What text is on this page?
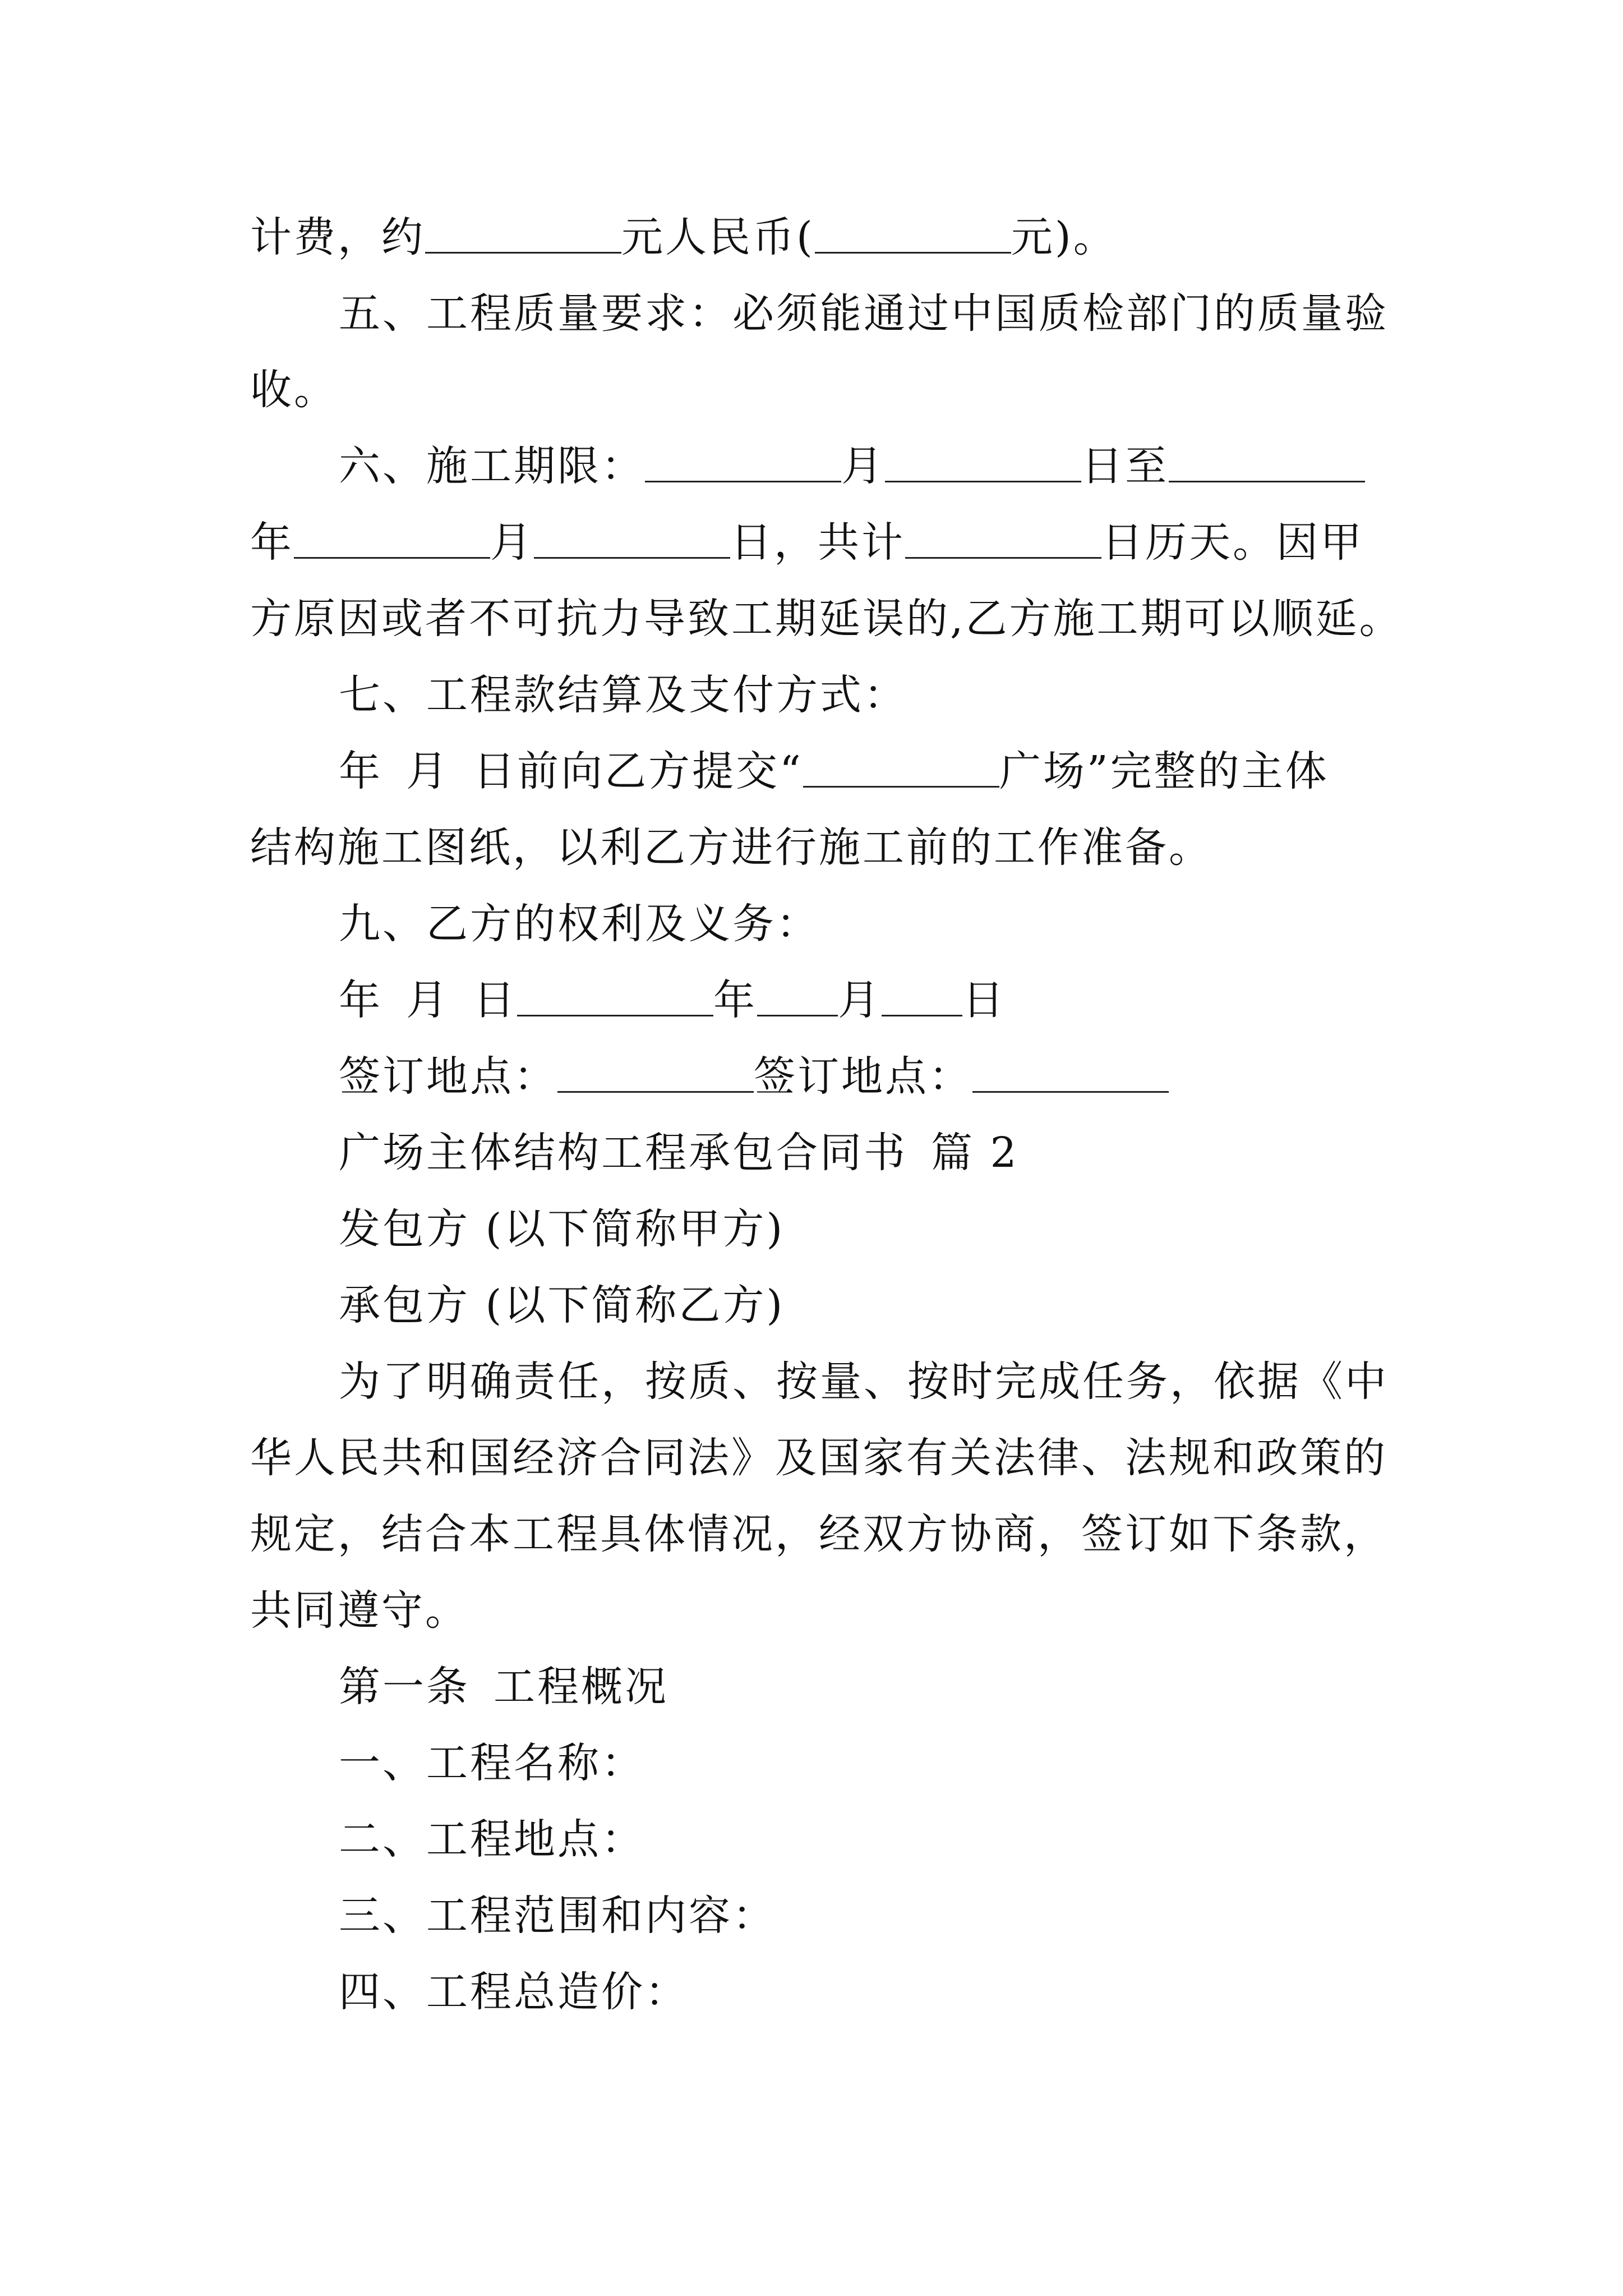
计费，约	元人民币(	元)。
五、工程质量要求：必须能通过中国质检部门的质量验
收。
六、施工期限：	月	日至
年	月	日，共计	日历天。因甲
方原因或者不可抗力导致工期延误的,乙方施工期可以顺延。
七、工程款结算及支付方式：
年 月 日前向乙方提交“	广场”完整的主体
结构施工图纸，以利乙方进行施工前的工作准备。
九、乙方的权利及义务：
年 月 日	年 月 日
签订地点：	签订地点：
广场主体结构工程承包合同书 篇 2
发包方 (以下简称甲方)
承包方 (以下简称乙方)
为了明确责任，按质、按量、按时完成任务，依据《中
华人民共和国经济合同法》及国家有关法律、法规和政策的
规定，结合本工程具体情况，经双方协商，签订如下条款，
共同遵守。
第一条 工程概况
一、工程名称：
二、工程地点：
三、工程范围和内容：
四、工程总造价：
